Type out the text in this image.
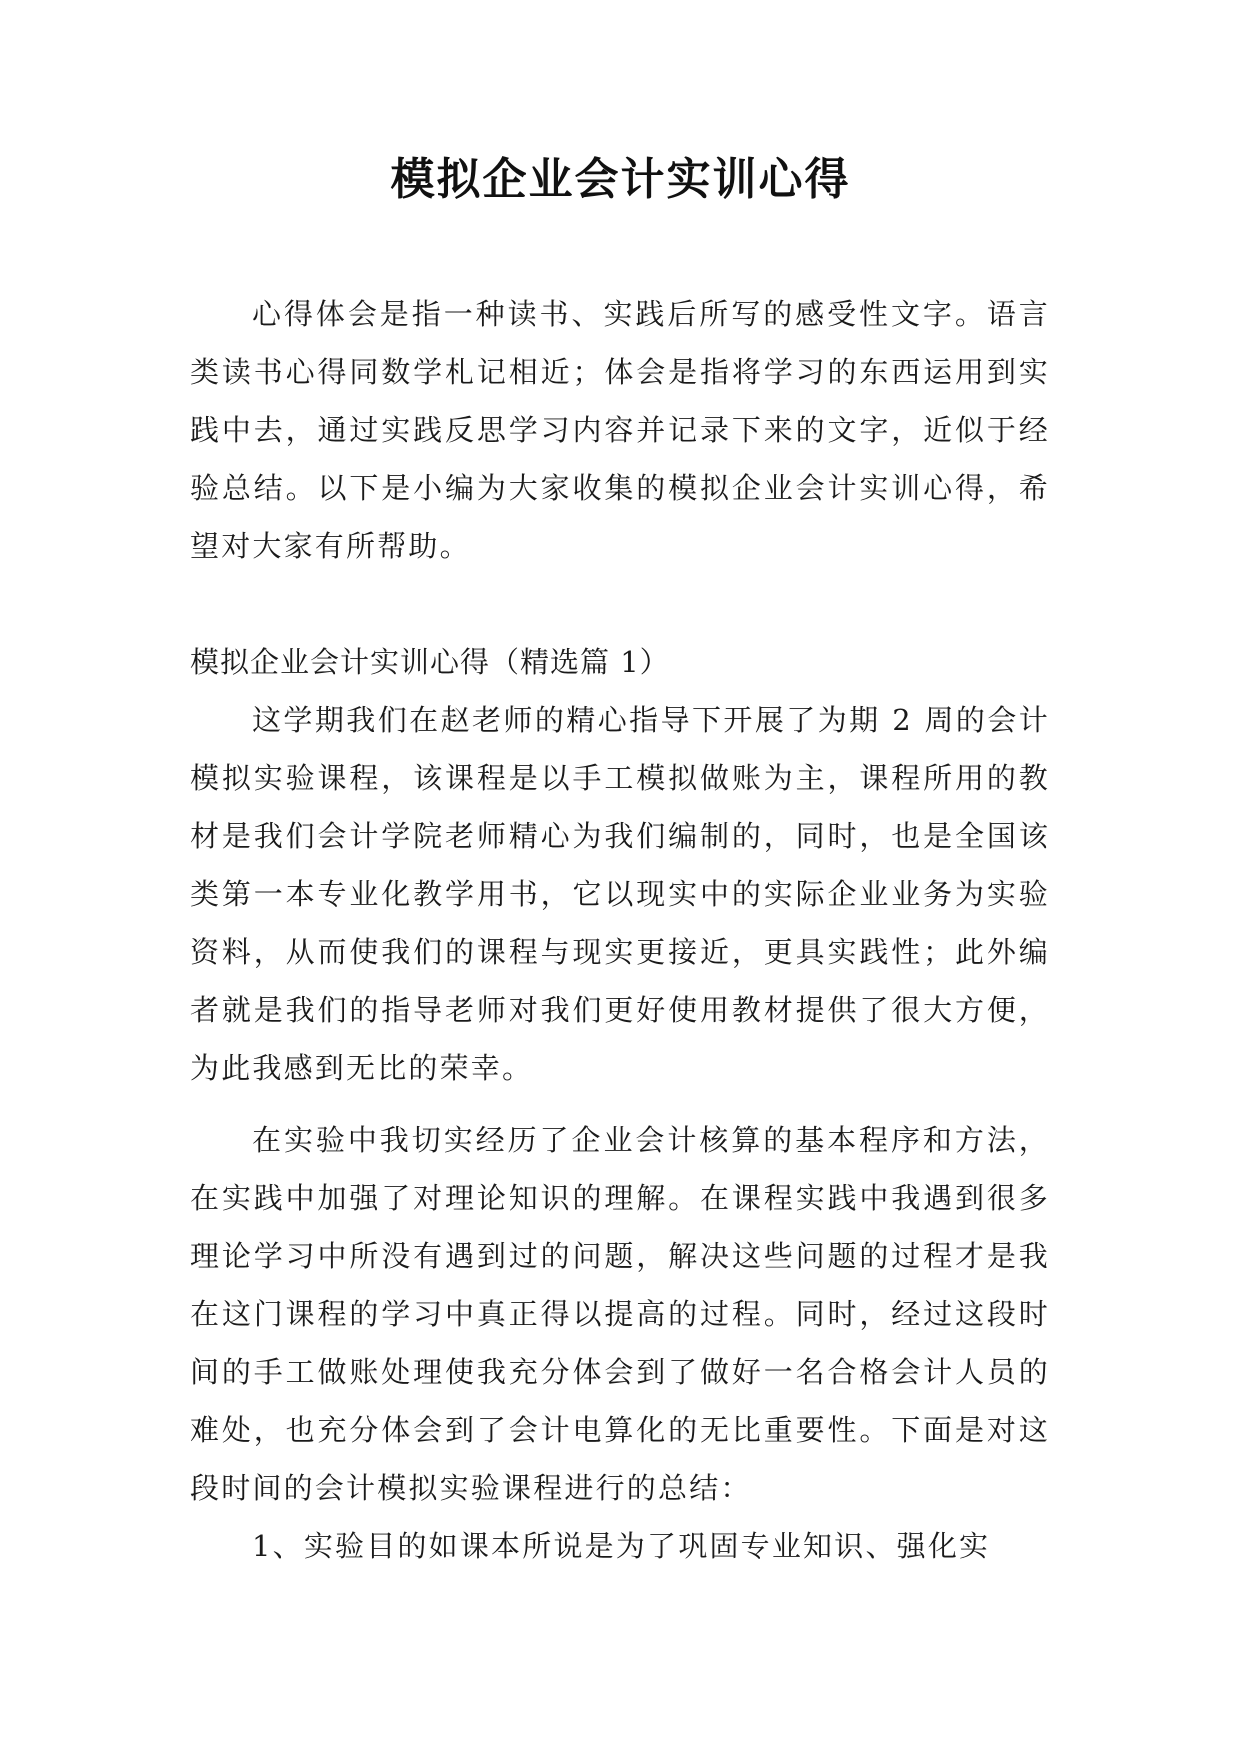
模拟企业会计实训心得

心得体会是指一种读书、实践后所写的感受性文字。语言类读书心得同数学札记相近；体会是指将学习的东西运用到实践中去，通过实践反思学习内容并记录下来的文字，近似于经验总结。以下是小编为大家收集的模拟企业会计实训心得，希望对大家有所帮助。

模拟企业会计实训心得（精选篇 1）

这学期我们在赵老师的精心指导下开展了为期 2 周的会计模拟实验课程，该课程是以手工模拟做账为主，课程所用的教材是我们会计学院老师精心为我们编制的，同时，也是全国该类第一本专业化教学用书，它以现实中的实际企业业务为实验资料，从而使我们的课程与现实更接近，更具实践性；此外编者就是我们的指导老师对我们更好使用教材提供了很大方便，为此我感到无比的荣幸。

在实验中我切实经历了企业会计核算的基本程序和方法，在实践中加强了对理论知识的理解。在课程实践中我遇到很多理论学习中所没有遇到过的问题，解决这些问题的过程才是我在这门课程的学习中真正得以提高的过程。同时，经过这段时间的手工做账处理使我充分体会到了做好一名合格会计人员的难处，也充分体会到了会计电算化的无比重要性。下面是对这段时间的会计模拟实验课程进行的总结：

1、实验目的如课本所说是为了巩固专业知识、强化实
